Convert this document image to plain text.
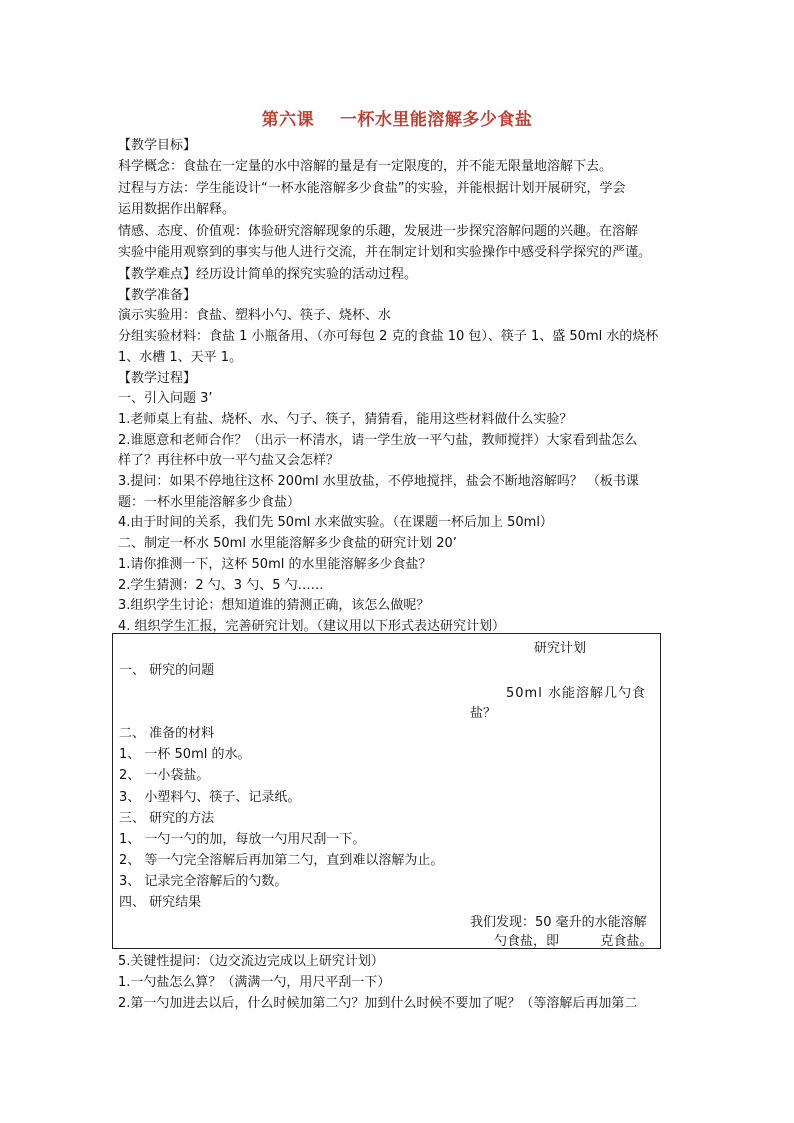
第六课    一杯水里能溶解多少食盐
【教学目标】
科学概念：食盐在一定量的水中溶解的量是有一定限度的，并不能无限量地溶解下去。
过程与方法：学生能设计“一杯水能溶解多少食盐”的实验，并能根据计划开展研究，学会
运用数据作出解释。
情感、态度、价值观：体验研究溶解现象的乐趣，发展进一步探究溶解问题的兴趣。在溶解
实验中能用观察到的事实与他人进行交流，并在制定计划和实验操作中感受科学探究的严谨。
【教学难点】经历设计简单的探究实验的活动过程。
【教学准备】
演示实验用：食盐、塑料小勺、筷子、烧杯、水
分组实验材料：食盐 1 小瓶备用、（亦可每包 2 克的食盐 10 包）、筷子 1、盛 50ml 水的烧杯
1、水槽 1、天平 1。
【教学过程】
一、引入问题 3’
1.老师桌上有盐、烧杯、水、勺子、筷子，猜猜看，能用这些材料做什么实验？
2.谁愿意和老师合作？（出示一杯清水，请一学生放一平勺盐，教师搅拌）大家看到盐怎么
样了？再往杯中放一平勺盐又会怎样？
3.提问：如果不停地往这杯 200ml 水里放盐，不停地搅拌，盐会不断地溶解吗？ （板书课
题：一杯水里能溶解多少食盐）
4.由于时间的关系，我们先 50ml 水来做实验。（在课题一杯后加上 50ml）
二、制定一杯水 50ml 水里能溶解多少食盐的研究计划 20’
1.请你推测一下，这杯 50ml 的水里能溶解多少食盐？
2.学生猜测：2 勺、3 勺、5 勺……
3.组织学生讨论：想知道谁的猜测正确，该怎么做呢？
4. 组织学生汇报，完善研究计划。（建议用以下形式表达研究计划）
研究计划
一、 研究的问题
50ml 水能溶解几勺食
盐？
二、 准备的材料
1、 一杯 50ml 的水。
2、 一小袋盐。
3、 小塑料勺、筷子、记录纸。
三、 研究的方法
1、 一勺一勺的加，每放一勺用尺刮一下。
2、 等一勺完全溶解后再加第二勺，直到难以溶解为止。
3、 记录完全溶解后的勺数。
四、 研究结果
我们发现：50 毫升的水能溶解
勺食盐，即          克食盐。
5.关键性提问：（边交流边完成以上研究计划）
1.一勺盐怎么算？（满满一勺，用尺平刮一下）
2.第一勺加进去以后，什么时候加第二勺？加到什么时候不要加了呢？（等溶解后再加第二
